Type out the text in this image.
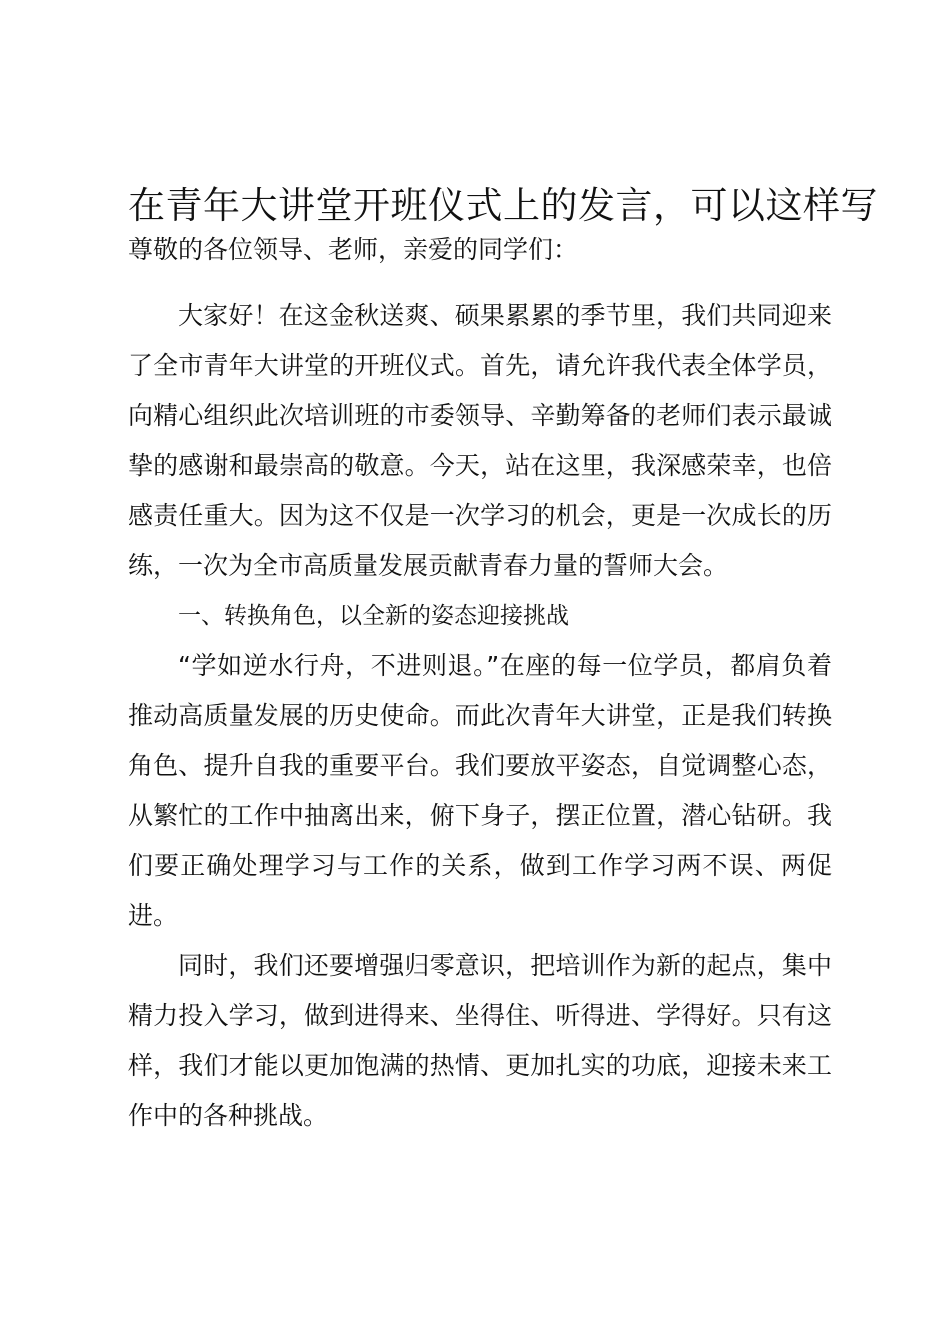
在青年大讲堂开班仪式上的发言，可以这样写

尊敬的各位领导、老师，亲爱的同学们：

大家好！在这金秋送爽、硕果累累的季节里，我们共同迎来了全市青年大讲堂的开班仪式。首先，请允许我代表全体学员，向精心组织此次培训班的市委领导、辛勤筹备的老师们表示最诚挚的感谢和最崇高的敬意。今天，站在这里，我深感荣幸，也倍感责任重大。因为这不仅是一次学习的机会，更是一次成长的历练，一次为全市高质量发展贡献青春力量的誓师大会。

一、转换角色，以全新的姿态迎接挑战

“学如逆水行舟，不进则退。”在座的每一位学员，都肩负着推动高质量发展的历史使命。而此次青年大讲堂，正是我们转换角色、提升自我的重要平台。我们要放平姿态，自觉调整心态，从繁忙的工作中抽离出来，俯下身子，摆正位置，潜心钻研。我们要正确处理学习与工作的关系，做到工作学习两不误、两促进。

同时，我们还要增强归零意识，把培训作为新的起点，集中精力投入学习，做到进得来、坐得住、听得进、学得好。只有这样，我们才能以更加饱满的热情、更加扎实的功底，迎接未来工作中的各种挑战。
